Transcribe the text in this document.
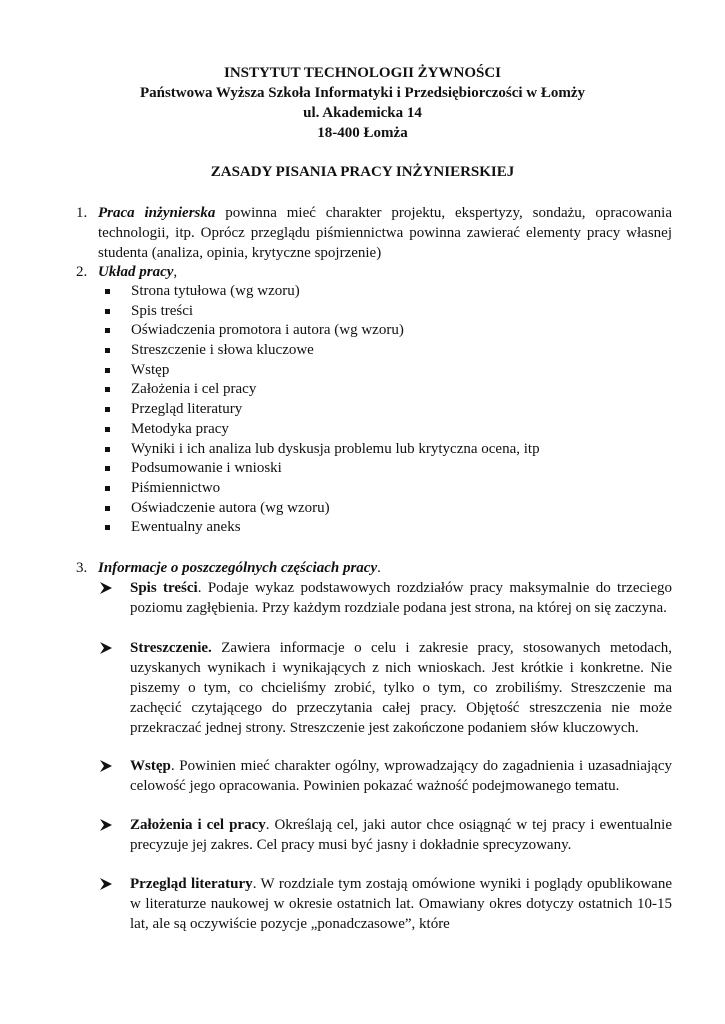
INSTYTUT TECHNOLOGII ŻYWNOŚCI
Państwowa Wyższa Szkoła Informatyki i Przedsiębiorczości w Łomży
ul. Akademicka 14
18-400 Łomża
ZASADY PISANIA PRACY INŻYNIERSKIEJ
1. Praca inżynierska powinna mieć charakter projektu, ekspertyzy, sondażu, opracowania technologii, itp. Oprócz przeglądu piśmiennictwa powinna zawierać elementy pracy własnej studenta (analiza, opinia, krytyczne spojrzenie)

2. Układ pracy,

Strona tytułowa (wg wzoru)
Spis treści
Oświadczenia promotora i autora (wg wzoru)
Streszczenie i słowa kluczowe
Wstęp
Założenia i cel pracy
Przegląd literatury
Metodyka pracy
Wyniki i ich analiza lub dyskusja problemu lub krytyczna ocena, itp
Podsumowanie i wnioski
Piśmiennictwo
Oświadczenie autora (wg wzoru)
Ewentualny aneks
3. Informacje o poszczególnych częściach pracy.

Spis treści. Podaje wykaz podstawowych rozdziałów pracy maksymalnie do trzeciego poziomu zagłębienia. Przy każdym rozdziale podana jest strona, na której on się zaczyna.
Streszczenie. Zawiera informacje o celu i zakresie pracy, stosowanych metodach, uzyskanych wynikach i wynikających z nich wnioskach. Jest krótkie i konkretne. Nie piszemy o tym, co chcieliśmy zrobić, tylko o tym, co zrobiliśmy. Streszczenie ma zachęcić czytającego do przeczytania całej pracy. Objętość streszczenia nie może przekraczać jednej strony. Streszczenie jest zakończone podaniem słów kluczowych.
Wstęp. Powinien mieć charakter ogólny, wprowadzający do zagadnienia i uzasadniający celowość jego opracowania. Powinien pokazać ważność podejmowanego tematu.
Założenia i cel pracy. Określają cel, jaki autor chce osiągnąć w tej pracy i ewentualnie precyzuje jej zakres. Cel pracy musi być jasny i dokładnie sprecyzowany.
Przegląd literatury. W rozdziale tym zostają omówione wyniki i poglądy opublikowane w literaturze naukowej w okresie ostatnich lat. Omawiany okres dotyczy ostatnich 10-15 lat, ale są oczywiście pozycje „ponadczasowe”, które
